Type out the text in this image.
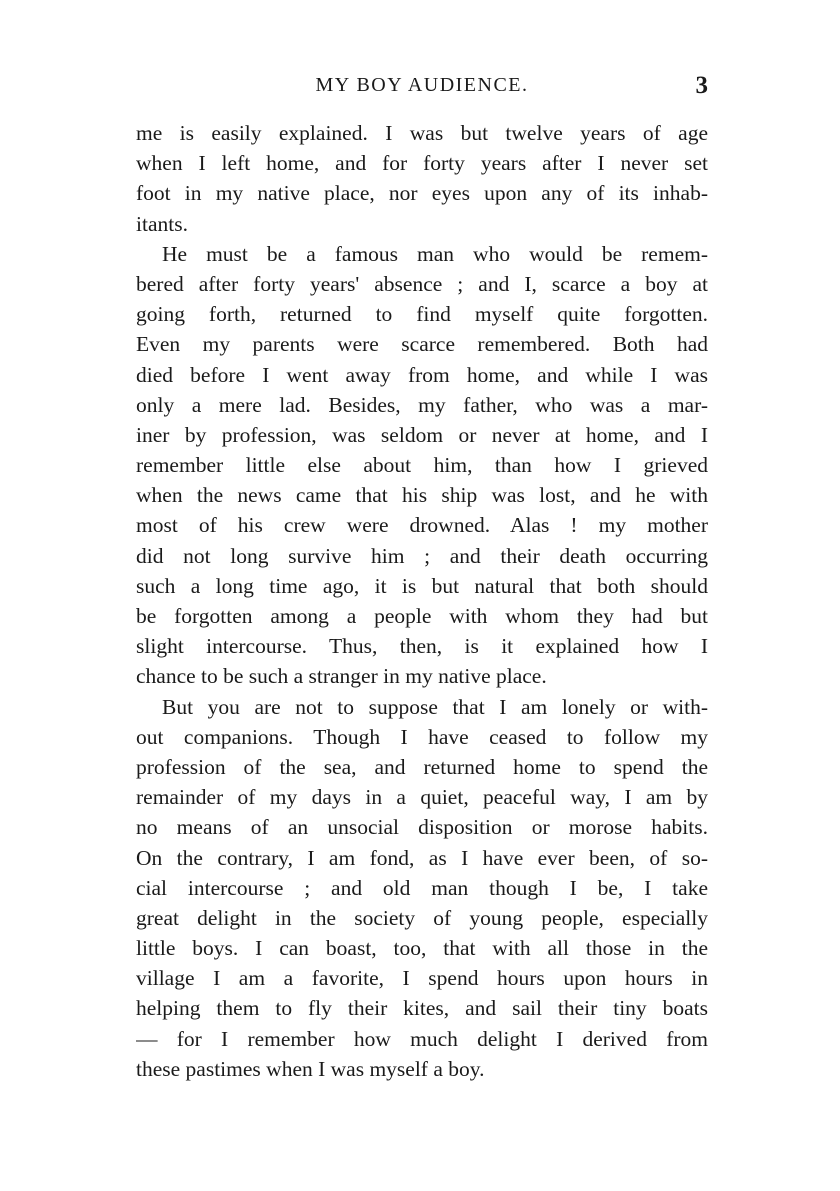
MY BOY AUDIENCE.	3
me is easily explained. I was but twelve years of age
when I left home, and for forty years after I never set
foot in my native place, nor eyes upon any of its inhab-
itants.
He must be a famous man who would be remem-
bered after forty years' absence ; and I, scarce a boy at
going forth, returned to find myself quite forgotten.
Even my parents were scarce remembered. Both had
died before I went away from home, and while I was
only a mere lad. Besides, my father, who was a mar-
iner by profession, was seldom or never at home, and I
remember little else about him, than how I grieved
when the news came that his ship was lost, and he with
most of his crew were drowned. Alas ! my mother
did not long survive him ; and their death occurring
such a long time ago, it is but natural that both should
be forgotten among a people with whom they had but
slight intercourse. Thus, then, is it explained how I
chance to be such a stranger in my native place.
But you are not to suppose that I am lonely or with-
out companions. Though I have ceased to follow my
profession of the sea, and returned home to spend the
remainder of my days in a quiet, peaceful way, I am by
no means of an unsocial disposition or morose habits.
On the contrary, I am fond, as I have ever been, of so-
cial intercourse ; and old man though I be, I take
great delight in the society of young people, especially
little boys. I can boast, too, that with all those in the
village I am a favorite, I spend hours upon hours in
helping them to fly their kites, and sail their tiny boats
— for I remember how much delight I derived from
these pastimes when I was myself a boy.
